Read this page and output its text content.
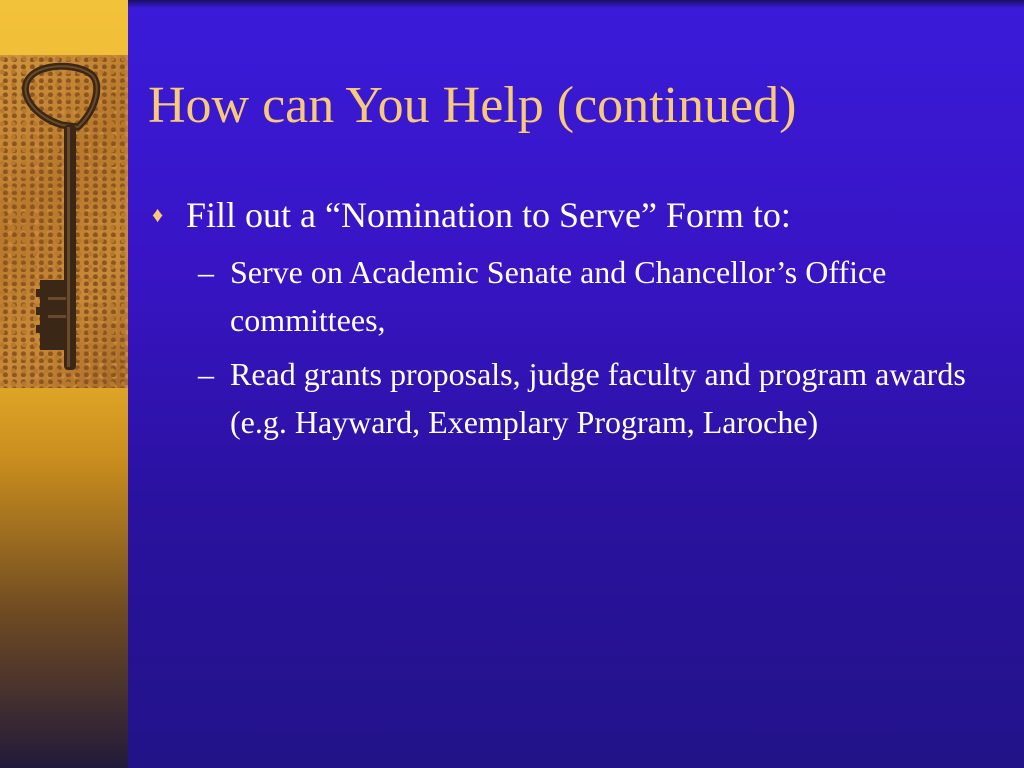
How can You Help (continued)
♦ Fill out a “Nomination to Serve” Form to:
– Serve on Academic Senate and Chancellor’s Office committees,
– Read grants proposals, judge faculty and program awards (e.g. Hayward, Exemplary Program, Laroche)
